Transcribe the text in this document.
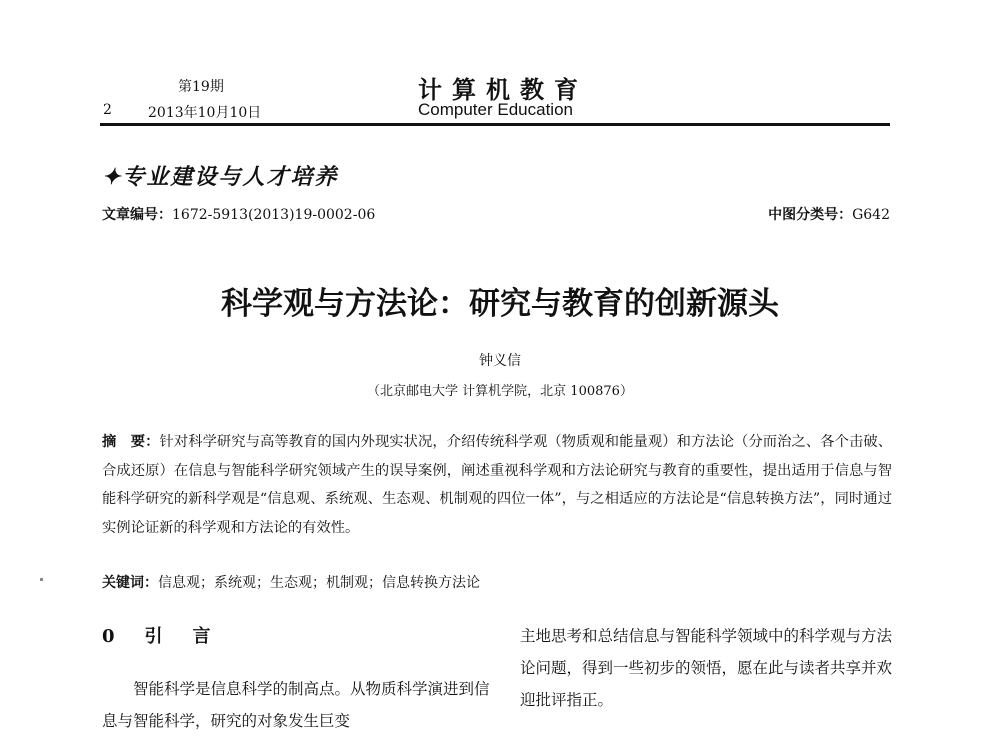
第19期
2	2013年10月10日
计算机教育
Computer Education
✦专业建设与人才培养
文章编号：1672-5913(2013)19-0002-06	中图分类号：G642
科学观与方法论：研究与教育的创新源头
钟义信
（北京邮电大学 计算机学院，北京 100876）
摘　要：针对科学研究与高等教育的国内外现实状况，介绍传统科学观（物质观和能量观）和方法论（分而治之、各个击破、合成还原）在信息与智能科学研究领域产生的误导案例，阐述重视科学观和方法论研究与教育的重要性，提出适用于信息与智能科学研究的新科学观是“信息观、系统观、生态观、机制观的四位一体”，与之相适应的方法论是“信息转换方法”，同时通过实例论证新的科学观和方法论的有效性。
关键词：信息观；系统观；生态观；机制观；信息转换方法论
0　引　言
智能科学是信息科学的制高点。从物质科学演进到信息与智能科学，研究的对象发生巨变
主地思考和总结信息与智能科学领域中的科学观与方法论问题，得到一些初步的领悟，愿在此与读者共享并欢迎批评指正。
